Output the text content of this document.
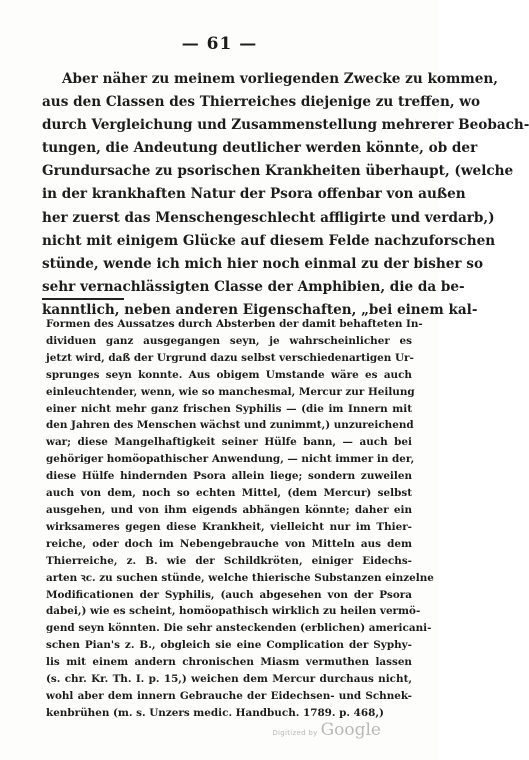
— 61 —
Aber näher zu meinem vorliegenden Zwecke zu kommen,
aus den Classen des Thierreiches diejenige zu treffen, wo
durch Vergleichung und Zusammenstellung mehrerer Beobach-
tungen, die Andeutung deutlicher werden könnte, ob der
Grundursache zu psorischen Krankheiten überhaupt, (welche
in der krankhaften Natur der Psora offenbar von außen
her zuerst das Menschengeschlecht affligirte und verdarb,)
nicht mit einigem Glücke auf diesem Felde nachzuforschen
stünde, wende ich mich hier noch einmal zu der bisher so
sehr vernachlässigten Classe der Amphibien, die da be-
kanntlich, neben anderen Eigenschaften, „bei einem kal-
Formen des Aussatzes durch Absterben der damit behafteten In-
dividuen ganz ausgegangen seyn, je wahrscheinlicher es
jetzt wird, daß der Urgrund dazu selbst verschiedenartigen Ur-
sprunges seyn konnte. Aus obigem Umstande wäre es auch
einleuchtender, wenn, wie so manchesmal, Mercur zur Heilung
einer nicht mehr ganz frischen Syphilis — (die im Innern mit
den Jahren des Menschen wächst und zunimmt,) unzureichend
war; diese Mangelhaftigkeit seiner Hülfe bann, — auch bei
gehöriger homöopathischer Anwendung, — nicht immer in der,
diese Hülfe hindernden Psora allein liege; sondern zuweilen
auch von dem, noch so echten Mittel, (dem Mercur) selbst
ausgehen, und von ihm eigends abhängen könnte; daher ein
wirksameres gegen diese Krankheit, vielleicht nur im Thier-
reiche, oder doch im Nebengebrauche von Mitteln aus dem
Thierreiche, z. B. wie der Schildkröten, einiger Eidechs-
arten ꝛc. zu suchen stünde, welche thierische Substanzen einzelne
Modificationen der Syphilis, (auch abgesehen von der Psora
dabei,) wie es scheint, homöopathisch wirklich zu heilen vermö-
gend seyn könnten. Die sehr ansteckenden (erblichen) americani-
schen Pian's z. B., obgleich sie eine Complication der Syphy-
lis mit einem andern chronischen Miasm vermuthen lassen
(s. chr. Kr. Th. I. p. 15,) weichen dem Mercur durchaus nicht,
wohl aber dem innern Gebrauche der Eidechsen- und Schnek-
kenbrühen (m. s. Unzers medic. Handbuch. 1789. p. 468,)
Digitized by Google
